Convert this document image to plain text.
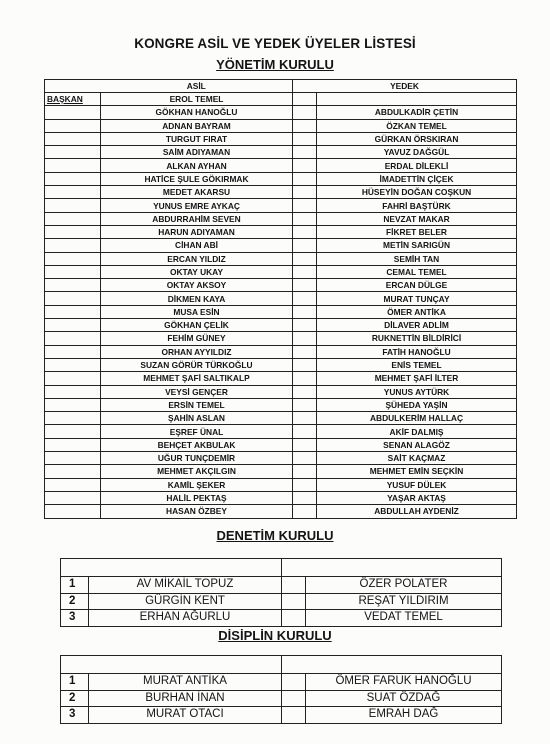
KONGRE ASİL VE YEDEK ÜYELER LİSTESİ
YÖNETİM KURULU
	ASİL	YEDEK	
BAŞKAN	EROL TEMEL		
	GÖKHAN HANOĞLU		ABDULKADİR ÇETİN
	ADNAN BAYRAM		ÖZKAN TEMEL
	TURGUT FIRAT		GÜRKAN ÖRSKIRAN
	SAİM ADIYAMAN		YAVUZ DAĞGÜL
	ALKAN AYHAN		ERDAL DİLEKLİ
	HATİCE ŞULE GÖKIRMAK		İMADETTİN ÇİÇEK
	MEDET AKARSU		HÜSEYİN DOĞAN COŞKUN
	YUNUS EMRE AYKAÇ		FAHRİ BAŞTÜRK
	ABDURRAHİM SEVEN		NEVZAT MAKAR
	HARUN ADIYAMAN		FİKRET BELER
	CİHAN ABİ		METİN SARIGÜN
	ERCAN YILDIZ		SEMİH TAN
	OKTAY UKAY		CEMAL TEMEL
	OKTAY AKSOY		ERCAN DÜLGE
	DİKMEN KAYA		MURAT TUNÇAY
	MUSA ESİN		ÖMER ANTİKA
	GÖKHAN ÇELİK		DİLAVER ADLİM
	FEHİM GÜNEY		RUKNETTİN BİLDİRİCİ
	ORHAN AYYILDIZ		FATİH HANOĞLU
	SUZAN GÖRÜR TÜRKOĞLU		ENİS TEMEL
	MEHMET ŞAFİ SALTIKALP		MEHMET ŞAFİ İLTER
	VEYSİ GENÇER		YUNUS AYTÜRK
	ERSİN TEMEL		ŞÜHEDA YAŞİN
	ŞAHİN ASLAN		ABDULKERİM HALLAÇ
	EŞREF ÜNAL		AKİF DALMIŞ
	BEHÇET AKBULAK		SENAN ALAGÖZ
	UĞUR TUNÇDEMİR		SAİT KAÇMAZ
	MEHMET AKÇILGIN		MEHMET EMİN SEÇKİN
	KAMİL ŞEKER		YUSUF DÜLEK
	HALİL PEKTAŞ		YAŞAR AKTAŞ
	HASAN ÖZBEY		ABDULLAH AYDENİZ
DENETİM KURULU

1	AV MİKAİL TOPUZ		ÖZER POLATER
2	GÜRGİN KENT		REŞAT YILDIRIM
3	ERHAN AĞURLU		VEDAT TEMEL
DİSİPLİN KURULU

1	MURAT ANTİKA		ÖMER FARUK HANOĞLU
2	BURHAN İNAN		SUAT ÖZDAĞ
3	MURAT OTACI		EMRAH DAĞ
